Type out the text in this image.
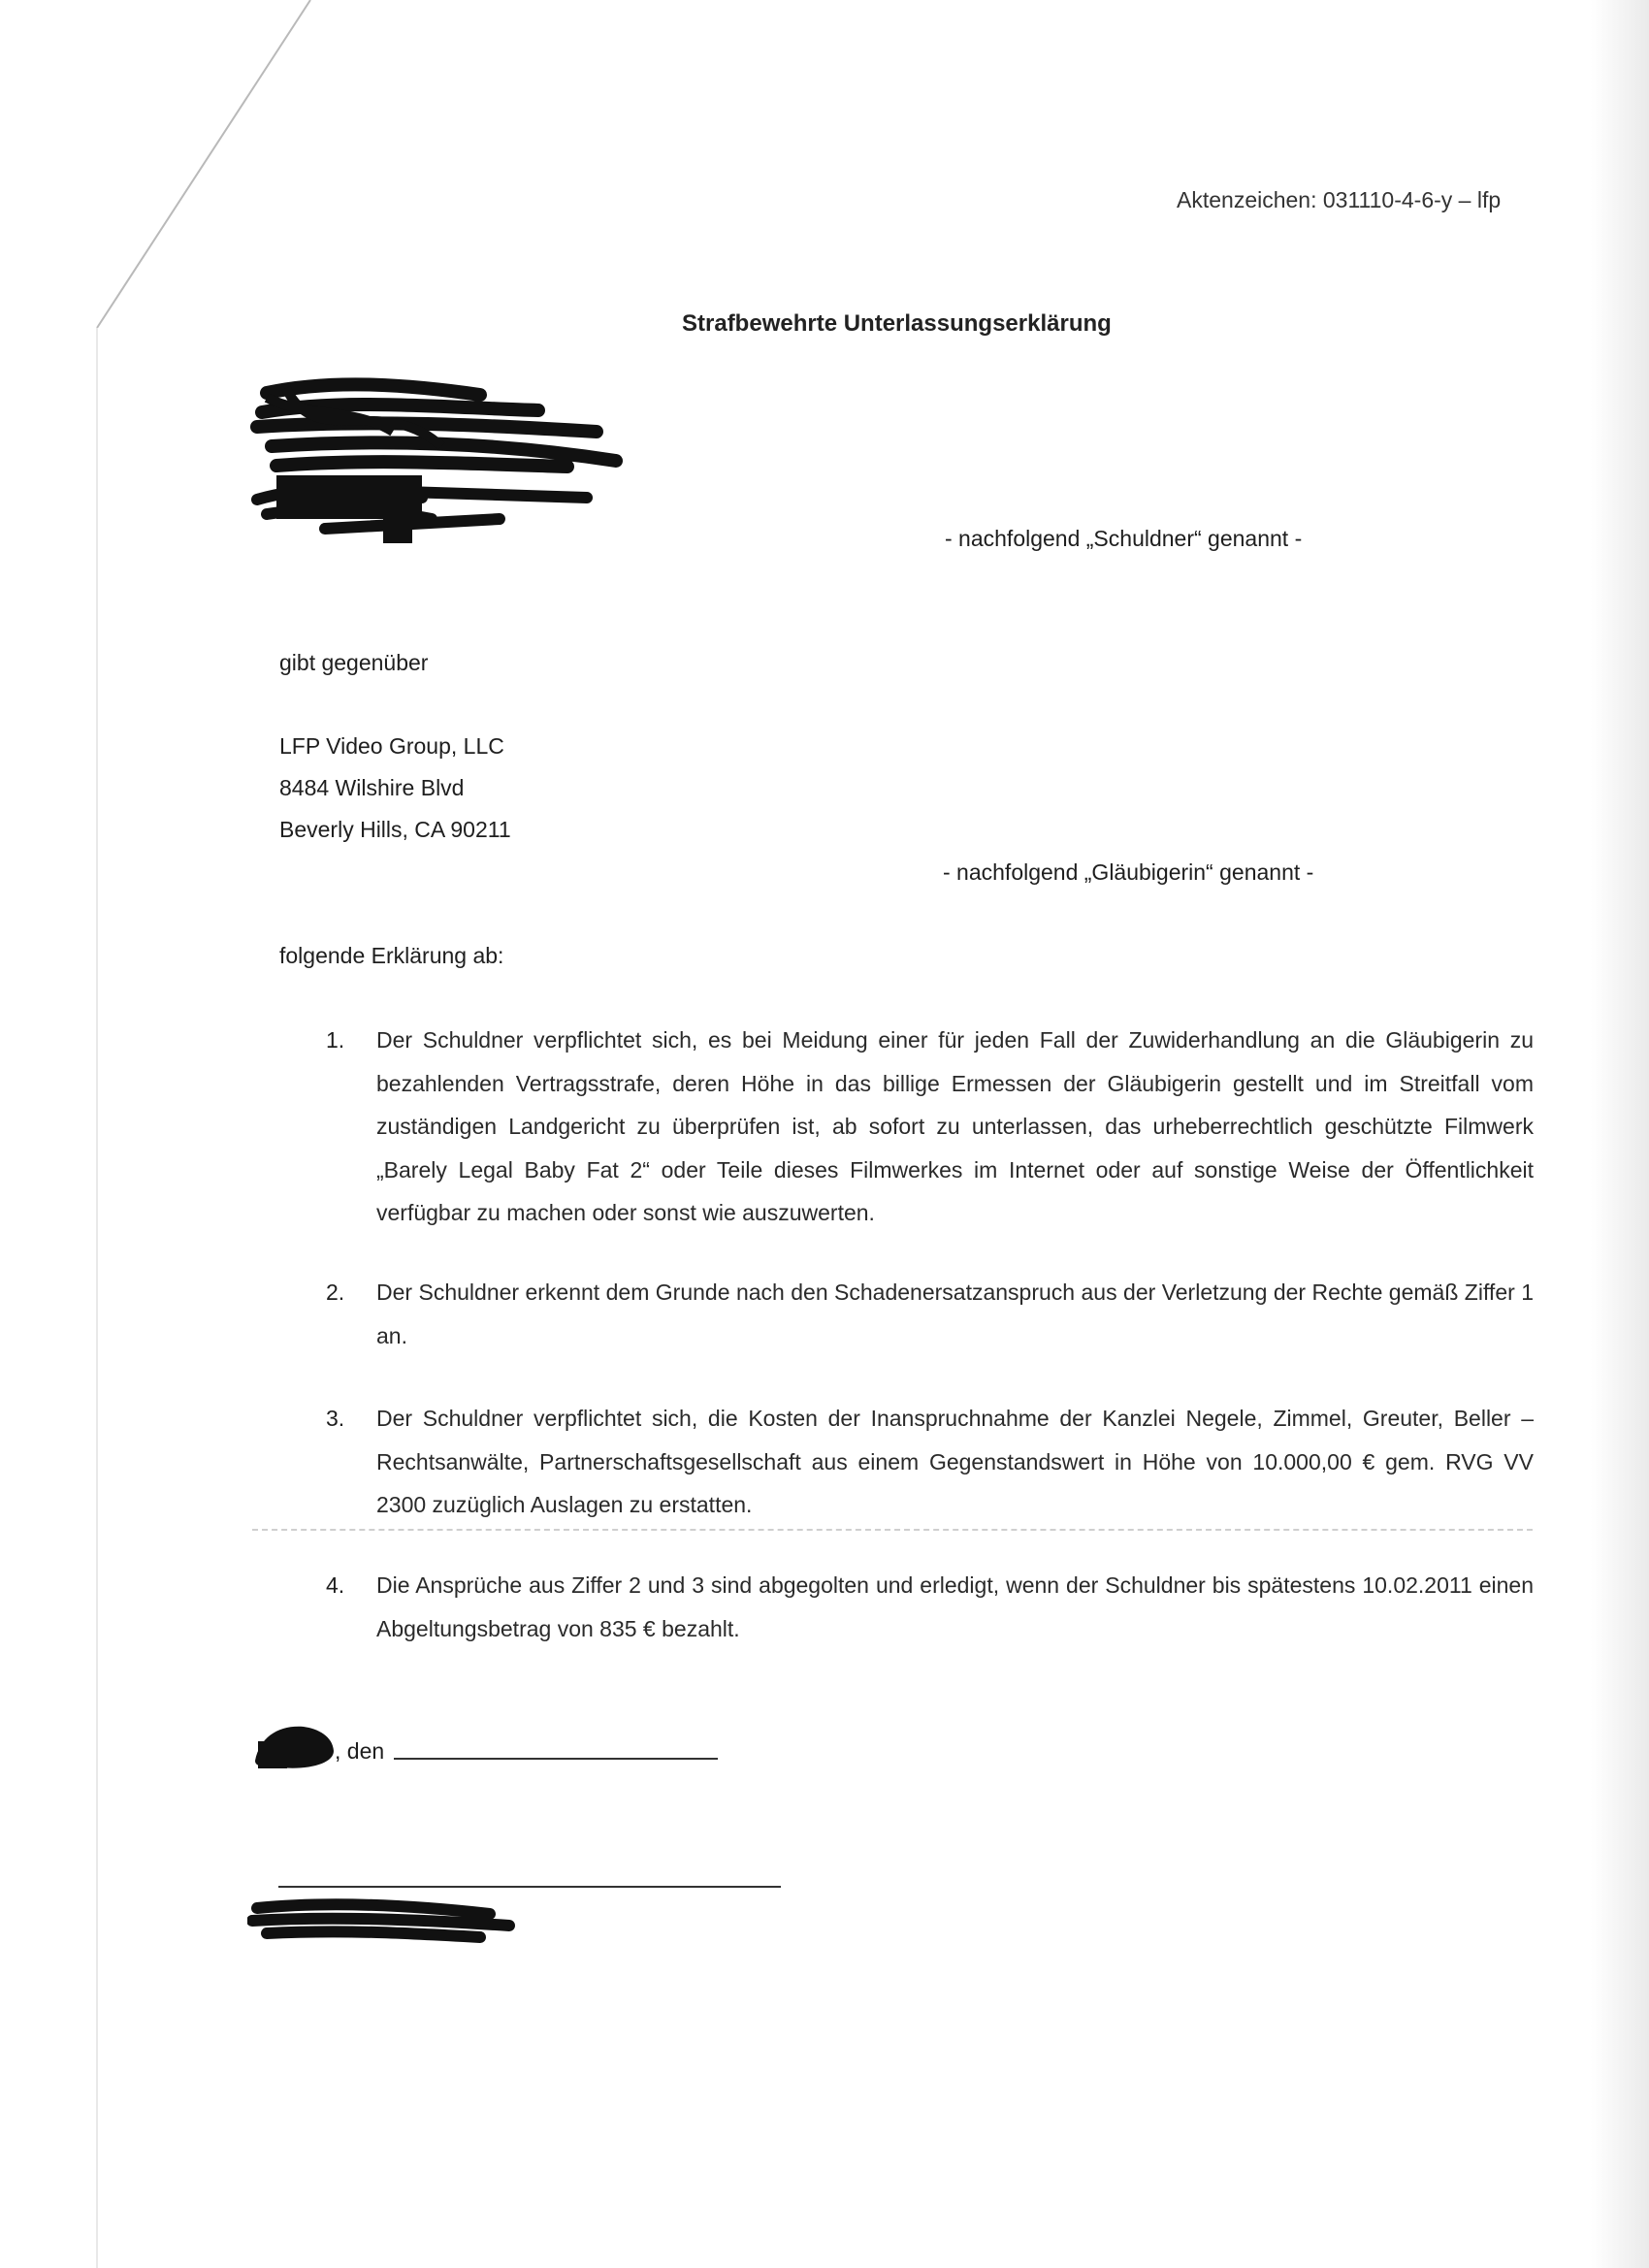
Aktenzeichen: 031110-4-6-y – lfp
Strafbewehrte Unterlassungserklärung
- nachfolgend „Schuldner“ genannt -
gibt gegenüber
LFP Video Group, LLC
8484 Wilshire Blvd
Beverly Hills, CA 90211
- nachfolgend „Gläubigerin“ genannt -
folgende Erklärung ab:
1. Der Schuldner verpflichtet sich, es bei Meidung einer für jeden Fall der Zuwiderhandlung an die Gläubigerin zu bezahlenden Vertragsstrafe, deren Höhe in das billige Ermessen der Gläubigerin gestellt und im Streitfall vom zuständigen Landgericht zu überprüfen ist, ab sofort zu unterlassen, das urheberrechtlich geschützte Filmwerk „Barely Legal Baby Fat 2“ oder Teile dieses Filmwerkes im Internet oder auf sonstige Weise der Öffentlichkeit verfügbar zu machen oder sonst wie auszuwerten.
2. Der Schuldner erkennt dem Grunde nach den Schadenersatzanspruch aus der Verletzung der Rechte gemäß Ziffer 1 an.
3. Der Schuldner verpflichtet sich, die Kosten der Inanspruchnahme der Kanzlei Negele, Zimmel, Greuter, Beller – Rechtsanwälte, Partnerschaftsgesellschaft aus einem Gegenstandswert in Höhe von 10.000,00 € gem. RVG VV 2300 zuzüglich Auslagen zu erstatten.
4. Die Ansprüche aus Ziffer 2 und 3 sind abgegolten und erledigt, wenn der Schuldner bis spätestens 10.02.2011 einen Abgeltungsbetrag von 835 € bezahlt.
, den
